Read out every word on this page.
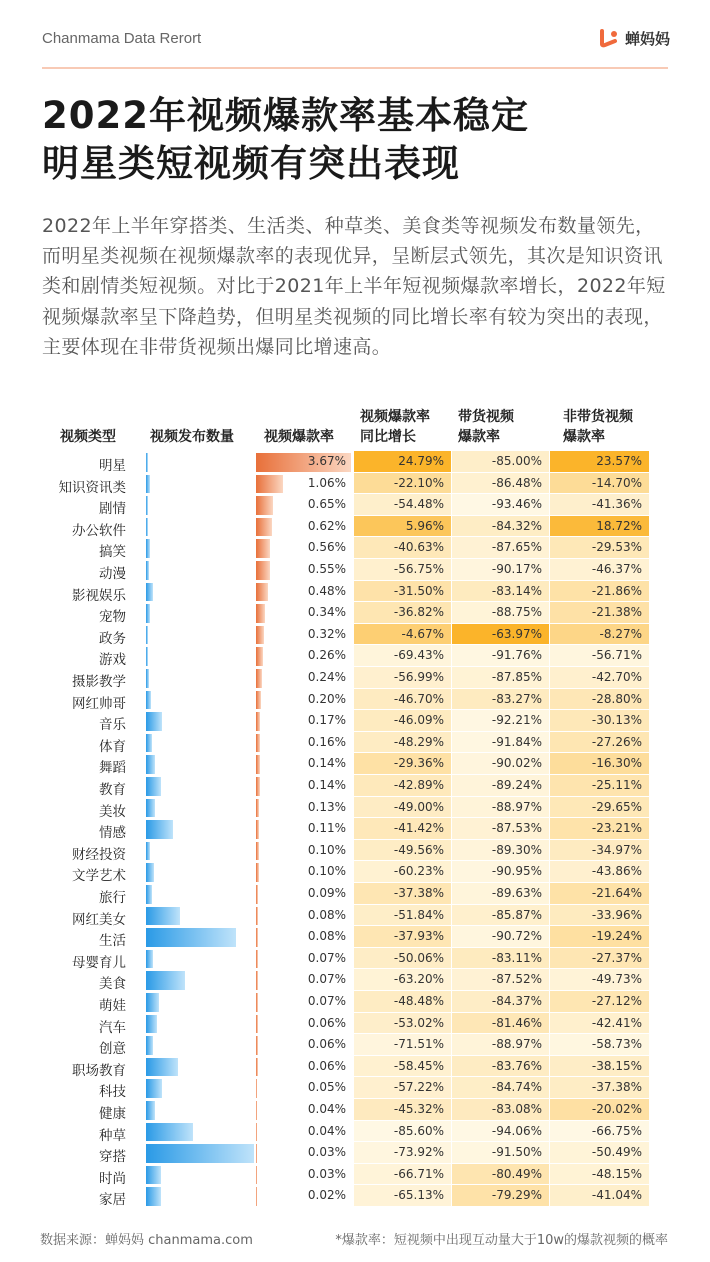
Chanmama Data Rerort	蝉妈妈
2022年视频爆款率基本稳定
明星类短视频有突出表现
2022年上半年穿搭类、生活类、种草类、美食类等视频发布数量领先，而明星类视频在视频爆款率的表现优异，呈断层式领先，其次是知识资讯类和剧情类短视频。对比于2021年上半年短视频爆款率增长，2022年短视频爆款率呈下降趋势，但明星类视频的同比增长率有较为突出的表现，主要体现在非带货视频出爆同比增速高。
视频类型 视频发布数量 视频爆款率
视频爆款率
同比增长
带货视频
爆款率
非带货视频
爆款率
明星	3.67%	24.79%	-85.00%	23.57%
知识资讯类	1.06%	-22.10%	-86.48%	-14.70%
剧情	0.65%	-54.48%	-93.46%	-41.36%
办公软件	0.62%	5.96%	-84.32%	18.72%
搞笑	0.56%	-40.63%	-87.65%	-29.53%
动漫	0.55%	-56.75%	-90.17%	-46.37%
影视娱乐	0.48%	-31.50%	-83.14%	-21.86%
宠物	0.34%	-36.82%	-88.75%	-21.38%
政务	0.32%	-4.67%	-63.97%	-8.27%
游戏	0.26%	-69.43%	-91.76%	-56.71%
摄影教学	0.24%	-56.99%	-87.85%	-42.70%
网红帅哥	0.20%	-46.70%	-83.27%	-28.80%
音乐	0.17%	-46.09%	-92.21%	-30.13%
体育	0.16%	-48.29%	-91.84%	-27.26%
舞蹈	0.14%	-29.36%	-90.02%	-16.30%
教育	0.14%	-42.89%	-89.24%	-25.11%
美妆	0.13%	-49.00%	-88.97%	-29.65%
情感	0.11%	-41.42%	-87.53%	-23.21%
财经投资	0.10%	-49.56%	-89.30%	-34.97%
文学艺术	0.10%	-60.23%	-90.95%	-43.86%
旅行	0.09%	-37.38%	-89.63%	-21.64%
网红美女	0.08%	-51.84%	-85.87%	-33.96%
生活	0.08%	-37.93%	-90.72%	-19.24%
母婴育儿	0.07%	-50.06%	-83.11%	-27.37%
美食	0.07%	-63.20%	-87.52%	-49.73%
萌娃	0.07%	-48.48%	-84.37%	-27.12%
汽车	0.06%	-53.02%	-81.46%	-42.41%
创意	0.06%	-71.51%	-88.97%	-58.73%
职场教育	0.06%	-58.45%	-83.76%	-38.15%
科技	0.05%	-57.22%	-84.74%	-37.38%
健康	0.04%	-45.32%	-83.08%	-20.02%
种草	0.04%	-85.60%	-94.06%	-66.75%
穿搭	0.03%	-73.92%	-91.50%	-50.49%
时尚	0.03%	-66.71%	-80.49%	-48.15%
家居	0.02%	-65.13%	-79.29%	-41.04%
数据来源：蝉妈妈 chanmama.com	*爆款率：短视频中出现互动量大于10w的爆款视频的概率
